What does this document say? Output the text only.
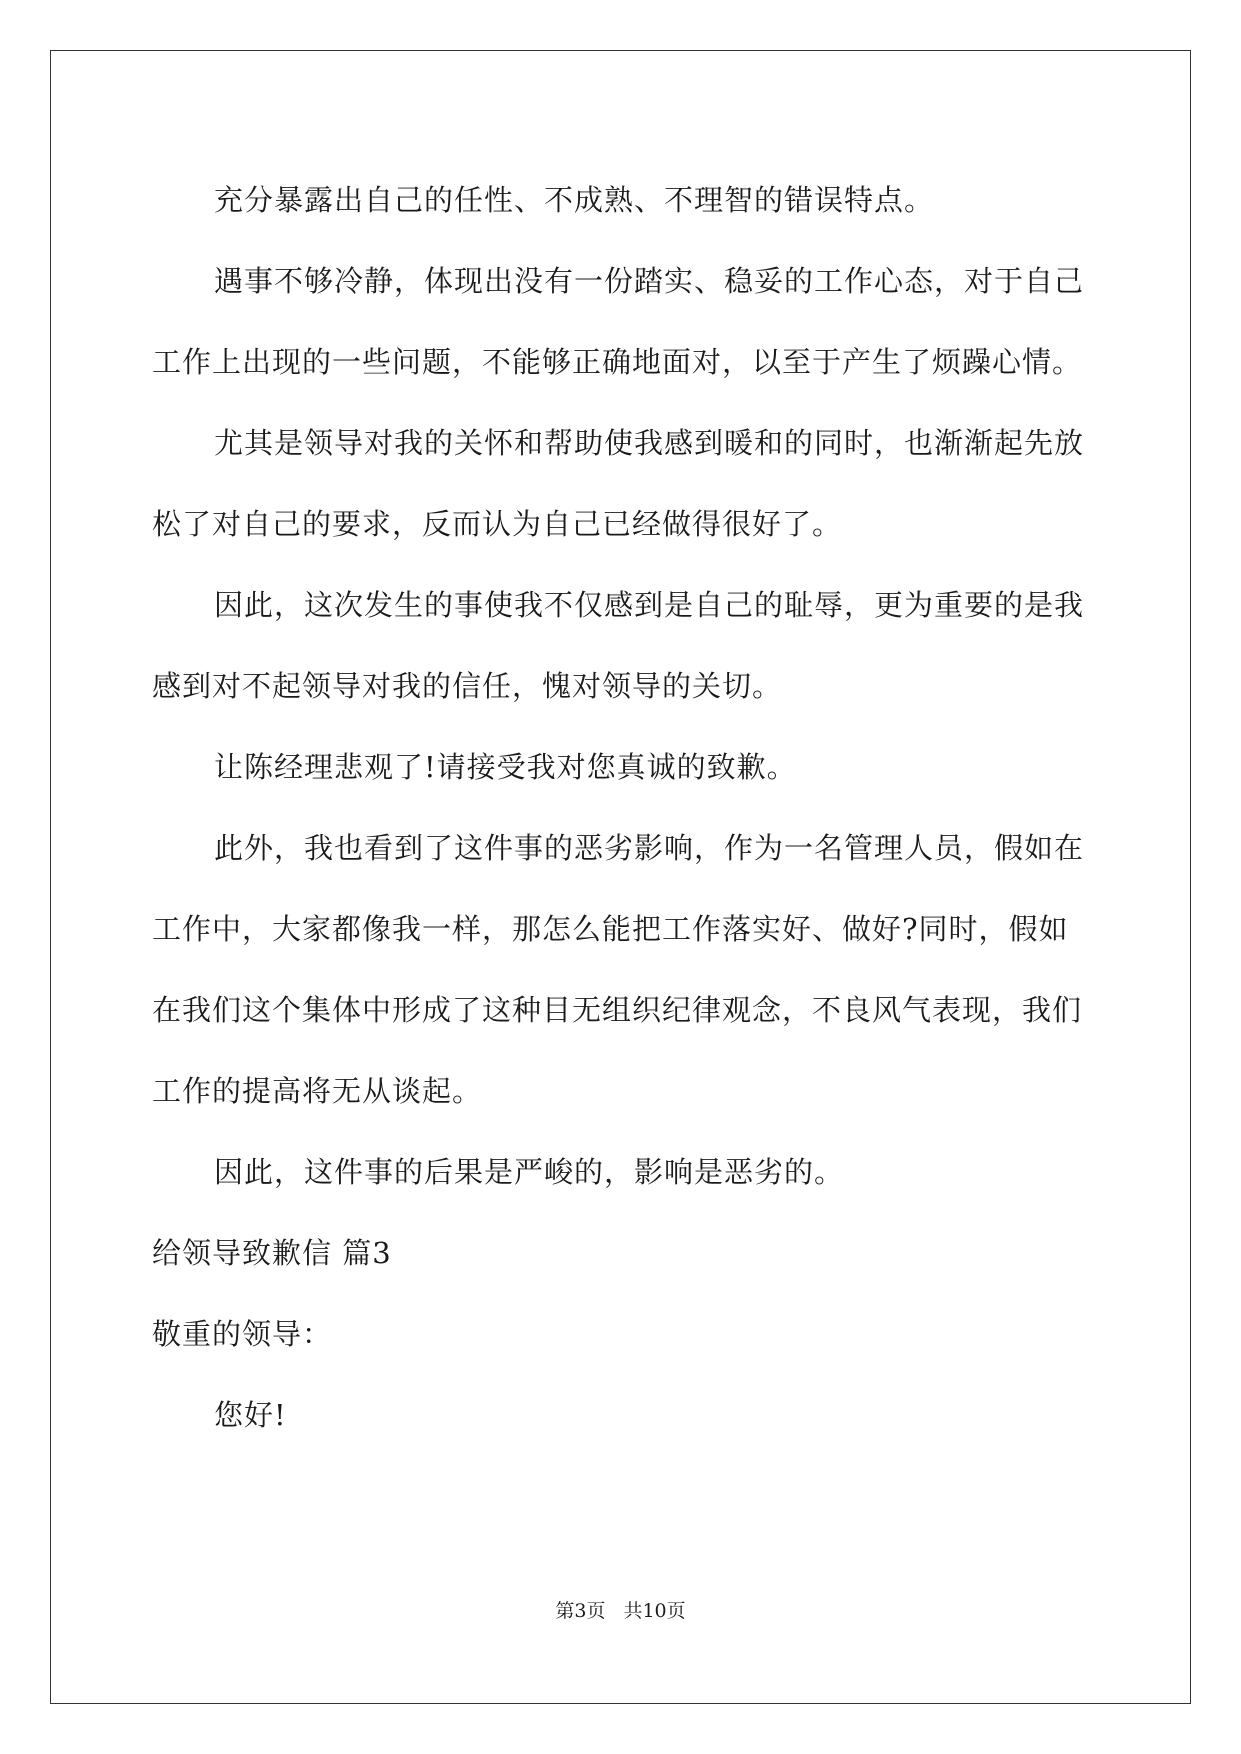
充分暴露出自己的任性、不成熟、不理智的错误特点。

遇事不够冷静，体现出没有一份踏实、稳妥的工作心态，对于自己工作上出现的一些问题，不能够正确地面对，以至于产生了烦躁心情。

尤其是领导对我的关怀和帮助使我感到暖和的同时，也渐渐起先放松了对自己的要求，反而认为自己已经做得很好了。

因此，这次发生的事使我不仅感到是自己的耻辱，更为重要的是我感到对不起领导对我的信任，愧对领导的关切。

让陈经理悲观了!请接受我对您真诚的致歉。

此外，我也看到了这件事的恶劣影响，作为一名管理人员，假如在工作中，大家都像我一样，那怎么能把工作落实好、做好?同时，假如在我们这个集体中形成了这种目无组织纪律观念，不良风气表现，我们工作的提高将无从谈起。

因此，这件事的后果是严峻的，影响是恶劣的。

给领导致歉信 篇3

敬重的领导：

您好!

第3页 共10页
